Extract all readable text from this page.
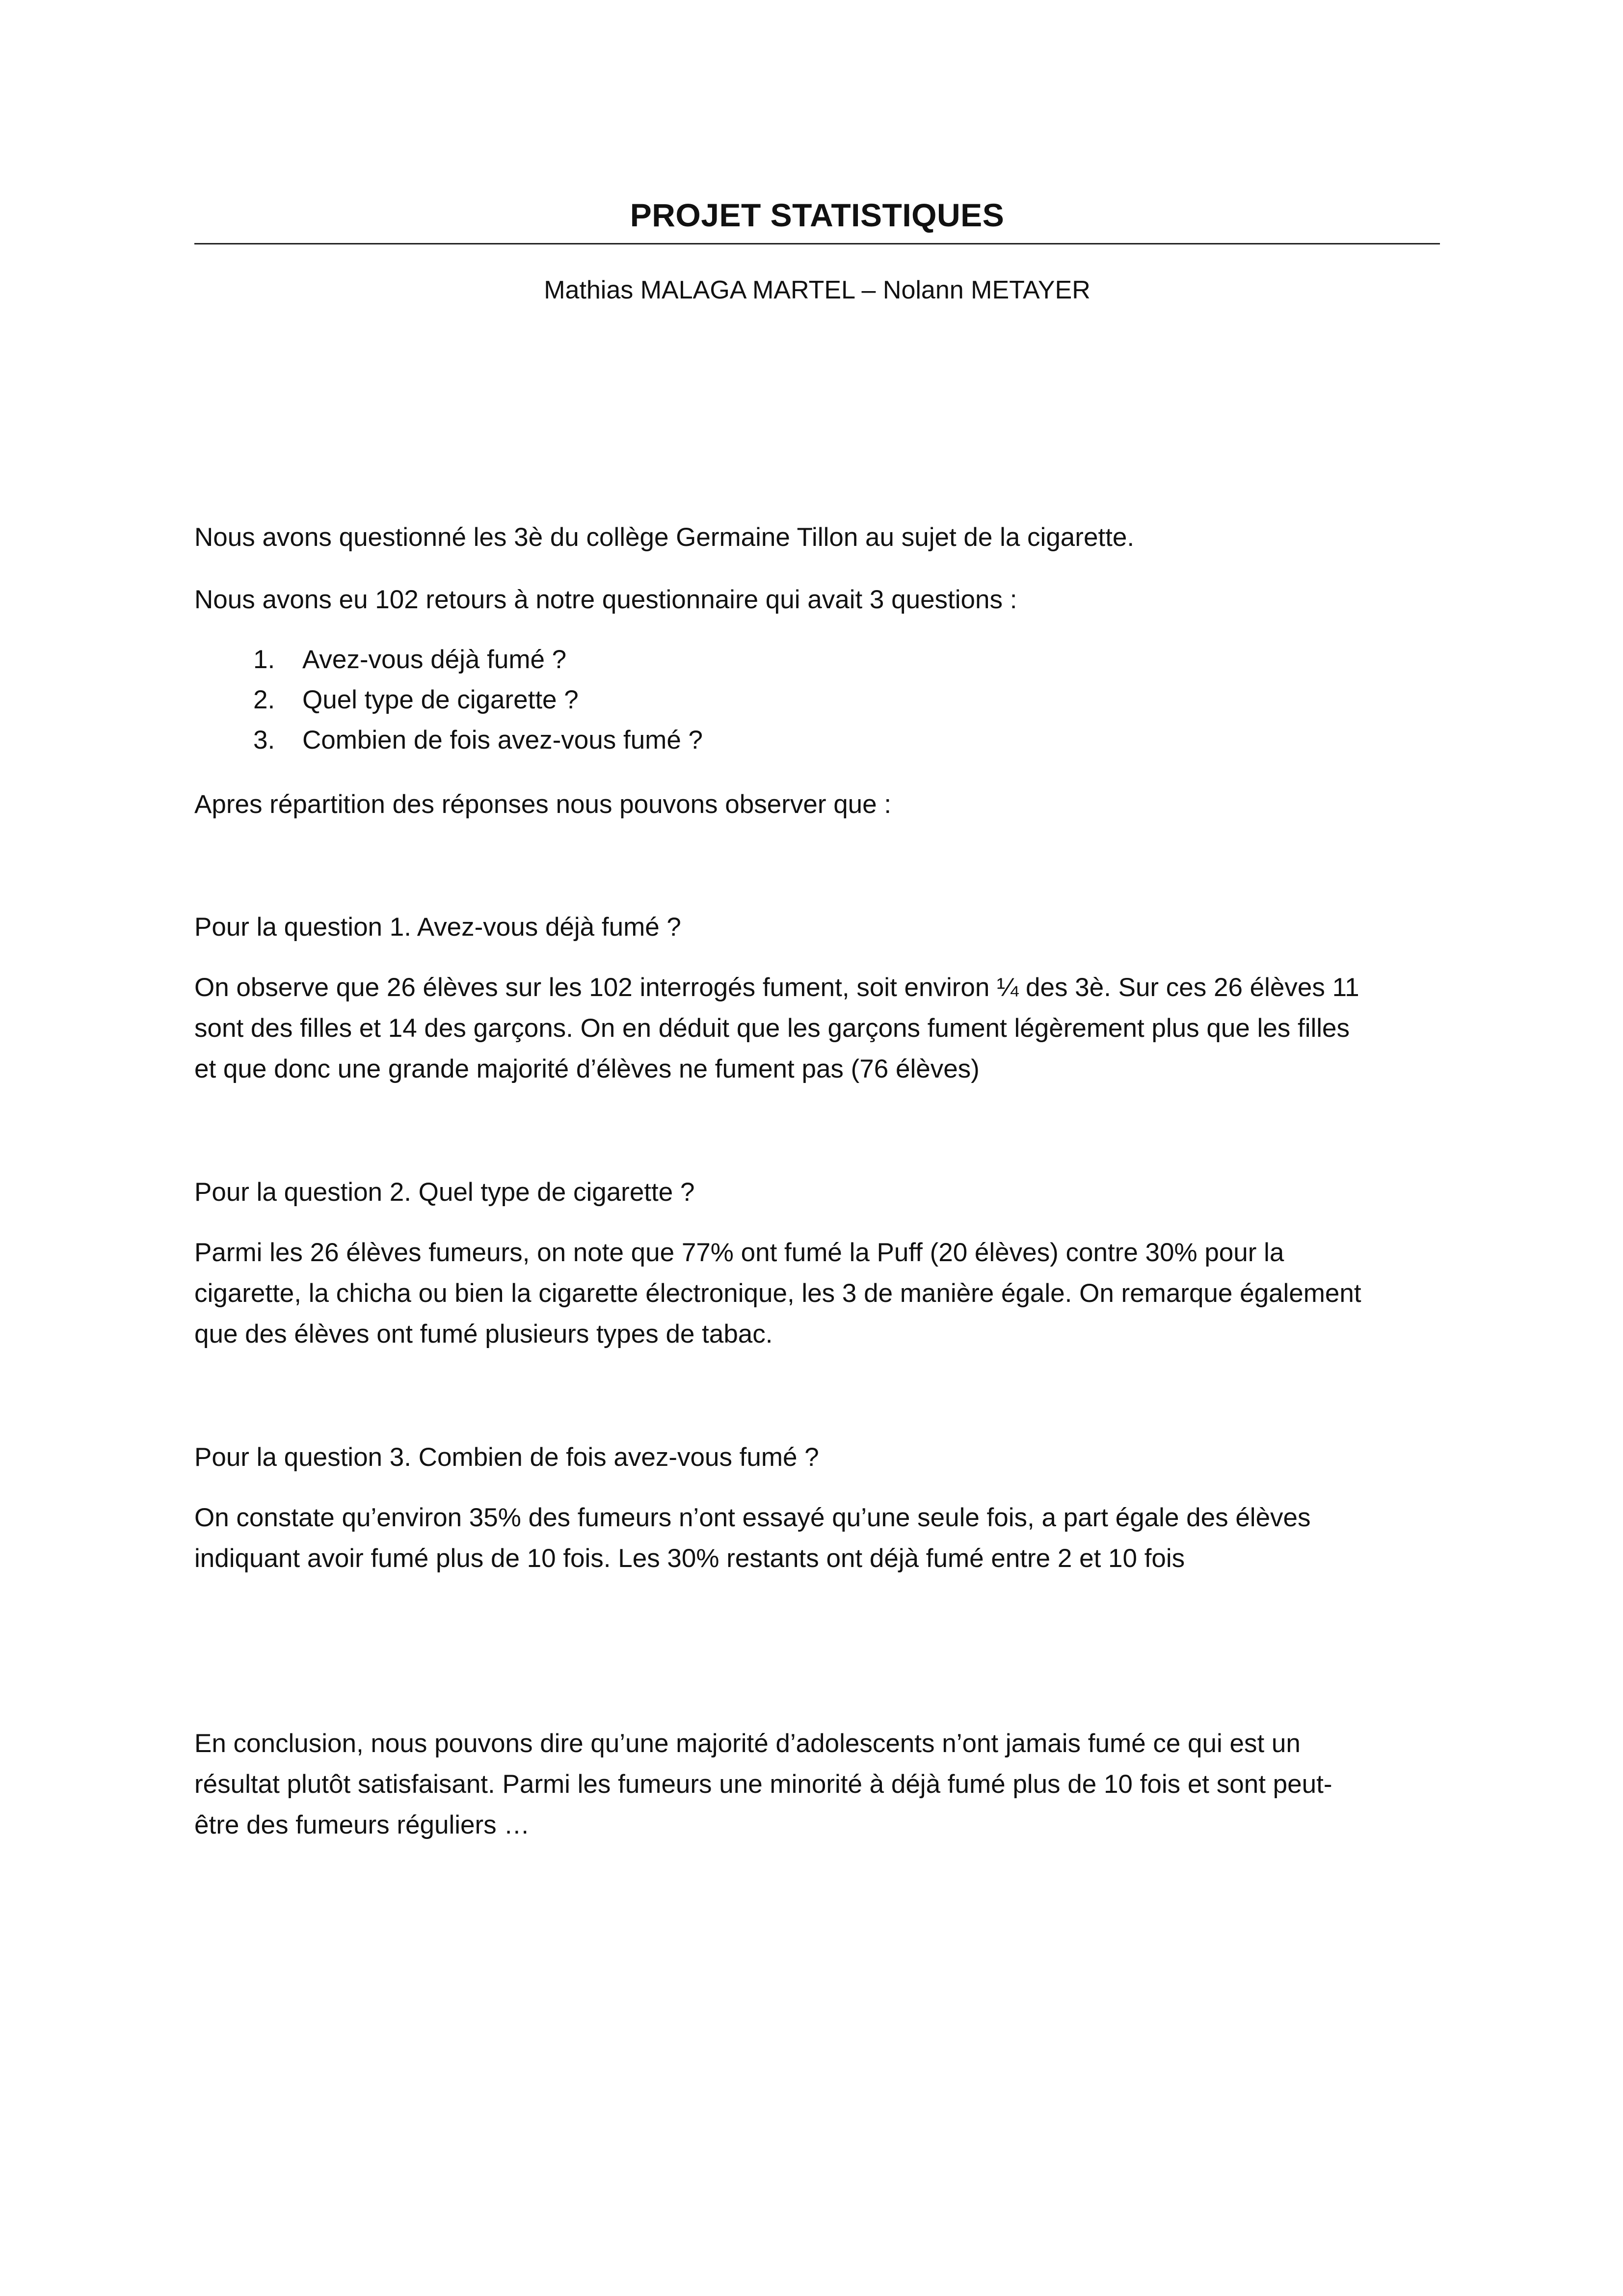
PROJET STATISTIQUES
Mathias MALAGA MARTEL – Nolann METAYER

Nous avons questionné les 3è du collège Germaine Tillon au sujet de la cigarette.

Nous avons eu 102 retours à notre questionnaire qui avait 3 questions :

1. Avez-vous déjà fumé ?
2. Quel type de cigarette ?
3. Combien de fois avez-vous fumé ?

Apres répartition des réponses nous pouvons observer que :

Pour la question 1. Avez-vous déjà fumé ?

On observe que 26 élèves sur les 102 interrogés fument, soit environ ¼ des 3è. Sur ces 26 élèves 11
sont des filles et 14 des garçons. On en déduit que les garçons fument légèrement plus que les filles
et que donc une grande majorité d’élèves ne fument pas (76 élèves)

Pour la question 2. Quel type de cigarette ?

Parmi les 26 élèves fumeurs, on note que 77% ont fumé la Puff (20 élèves) contre 30% pour la
cigarette, la chicha ou bien la cigarette électronique, les 3 de manière égale. On remarque également
que des élèves ont fumé plusieurs types de tabac.

Pour la question 3. Combien de fois avez-vous fumé ?

On constate qu’environ 35% des fumeurs n’ont essayé qu’une seule fois, a part égale des élèves
indiquant avoir fumé plus de 10 fois. Les 30% restants ont déjà fumé entre 2 et 10 fois
En conclusion, nous pouvons dire qu’une majorité d’adolescents n’ont jamais fumé ce qui est un
résultat plutôt satisfaisant. Parmi les fumeurs une minorité à déjà fumé plus de 10 fois et sont peut-
être des fumeurs réguliers …
